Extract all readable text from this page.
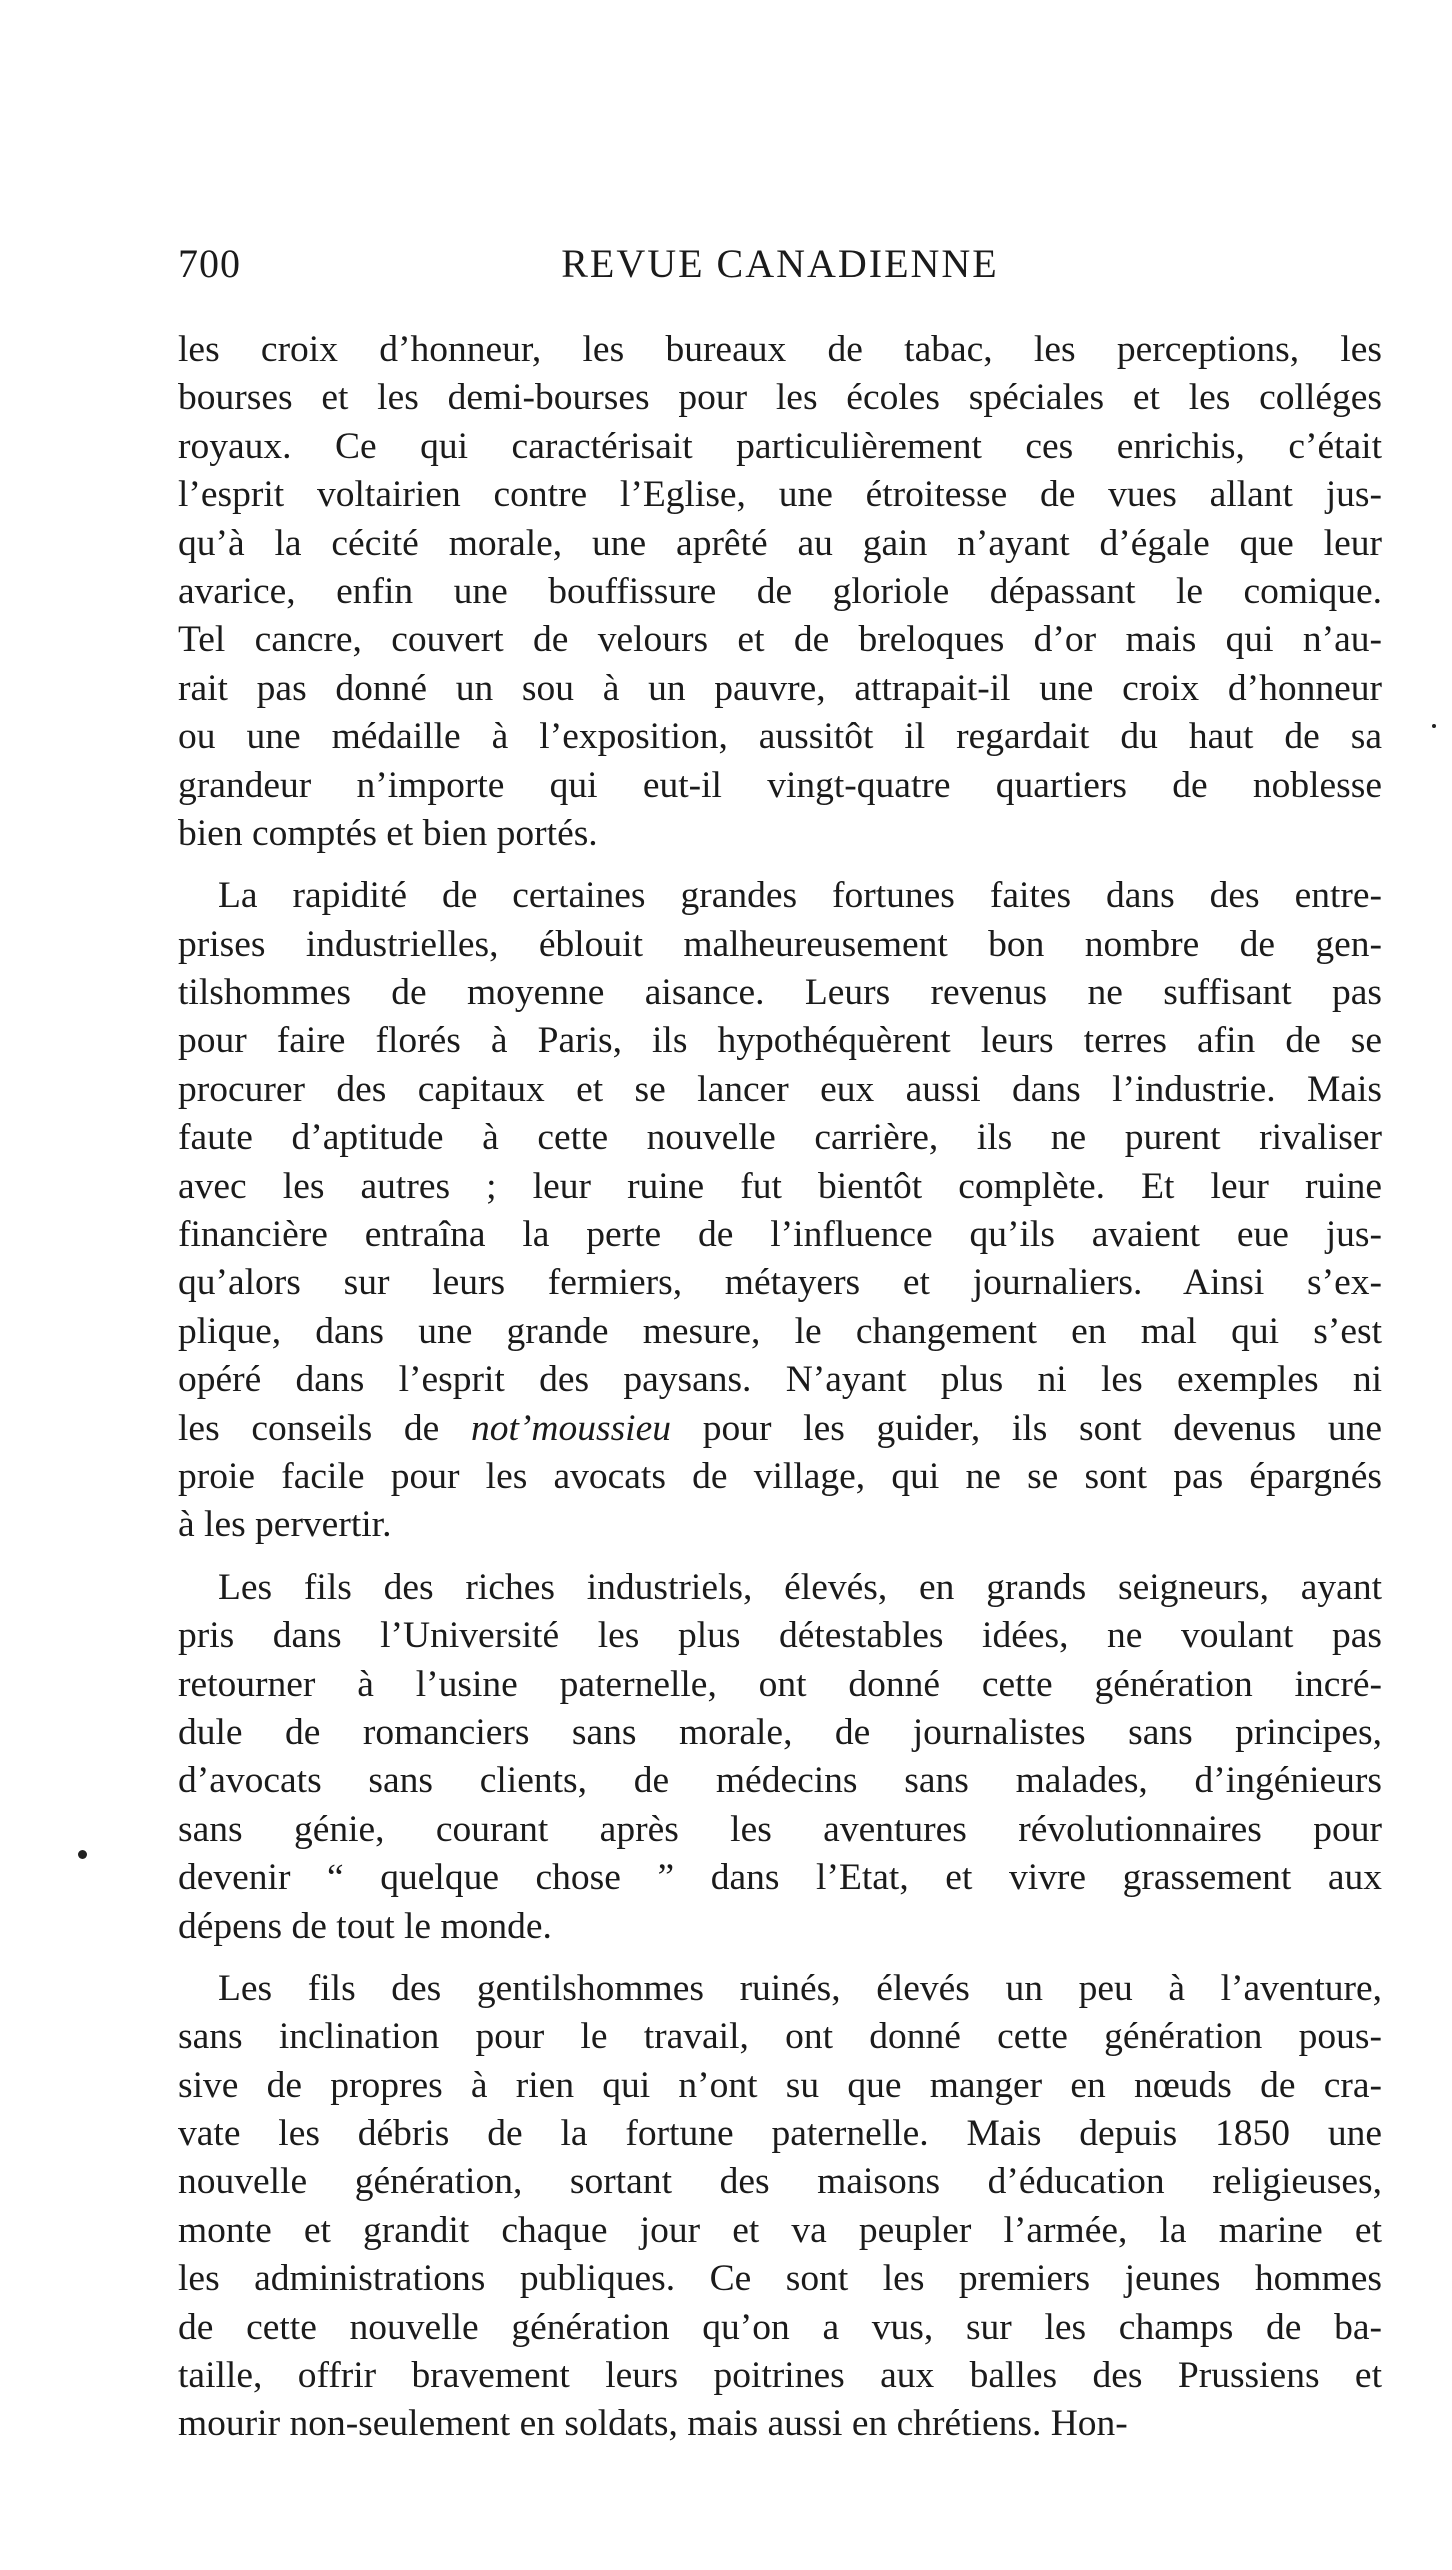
700	REVUE CANADIENNE
les croix d’honneur, les bureaux de tabac, les perceptions, les
bourses et les demi-bourses pour les écoles spéciales et les colléges
royaux. Ce qui caractérisait particulièrement ces enrichis, c’était
l’esprit voltairien contre l’Eglise, une étroitesse de vues allant jus-
qu’à la cécité morale, une aprêté au gain n’ayant d’égale que leur
avarice, enfin une bouffissure de gloriole dépassant le comique.
Tel cancre, couvert de velours et de breloques d’or mais qui n’au-
rait pas donné un sou à un pauvre, attrapait-il une croix d’honneur
ou une médaille à l’exposition, aussitôt il regardait du haut de sa
grandeur n’importe qui eut-il vingt-quatre quartiers de noblesse
bien comptés et bien portés.
La rapidité de certaines grandes fortunes faites dans des entre-
prises industrielles, éblouit malheureusement bon nombre de gen-
tilshommes de moyenne aisance. Leurs revenus ne suffisant pas
pour faire florés à Paris, ils hypothéquèrent leurs terres afin de se
procurer des capitaux et se lancer eux aussi dans l’industrie. Mais
faute d’aptitude à cette nouvelle carrière, ils ne purent rivaliser
avec les autres ; leur ruine fut bientôt complète. Et leur ruine
financière entraîna la perte de l’influence qu’ils avaient eue jus-
qu’alors sur leurs fermiers, métayers et journaliers. Ainsi s’ex-
plique, dans une grande mesure, le changement en mal qui s’est
opéré dans l’esprit des paysans. N’ayant plus ni les exemples ni
les conseils de not’moussieu pour les guider, ils sont devenus une
proie facile pour les avocats de village, qui ne se sont pas épargnés
à les pervertir.
Les fils des riches industriels, élevés, en grands seigneurs, ayant
pris dans l’Université les plus détestables idées, ne voulant pas
retourner à l’usine paternelle, ont donné cette génération incré-
dule de romanciers sans morale, de journalistes sans principes,
d’avocats sans clients, de médecins sans malades, d’ingénieurs
sans génie, courant après les aventures révolutionnaires pour
devenir “ quelque chose ” dans l’Etat, et vivre grassement aux
dépens de tout le monde.
Les fils des gentilshommes ruinés, élevés un peu à l’aventure,
sans inclination pour le travail, ont donné cette génération pous-
sive de propres à rien qui n’ont su que manger en nœuds de cra-
vate les débris de la fortune paternelle. Mais depuis 1850 une
nouvelle génération, sortant des maisons d’éducation religieuses,
monte et grandit chaque jour et va peupler l’armée, la marine et
les administrations publiques. Ce sont les premiers jeunes hommes
de cette nouvelle génération qu’on a vus, sur les champs de ba-
taille, offrir bravement leurs poitrines aux balles des Prussiens et
mourir non-seulement en soldats, mais aussi en chrétiens. Hon-
